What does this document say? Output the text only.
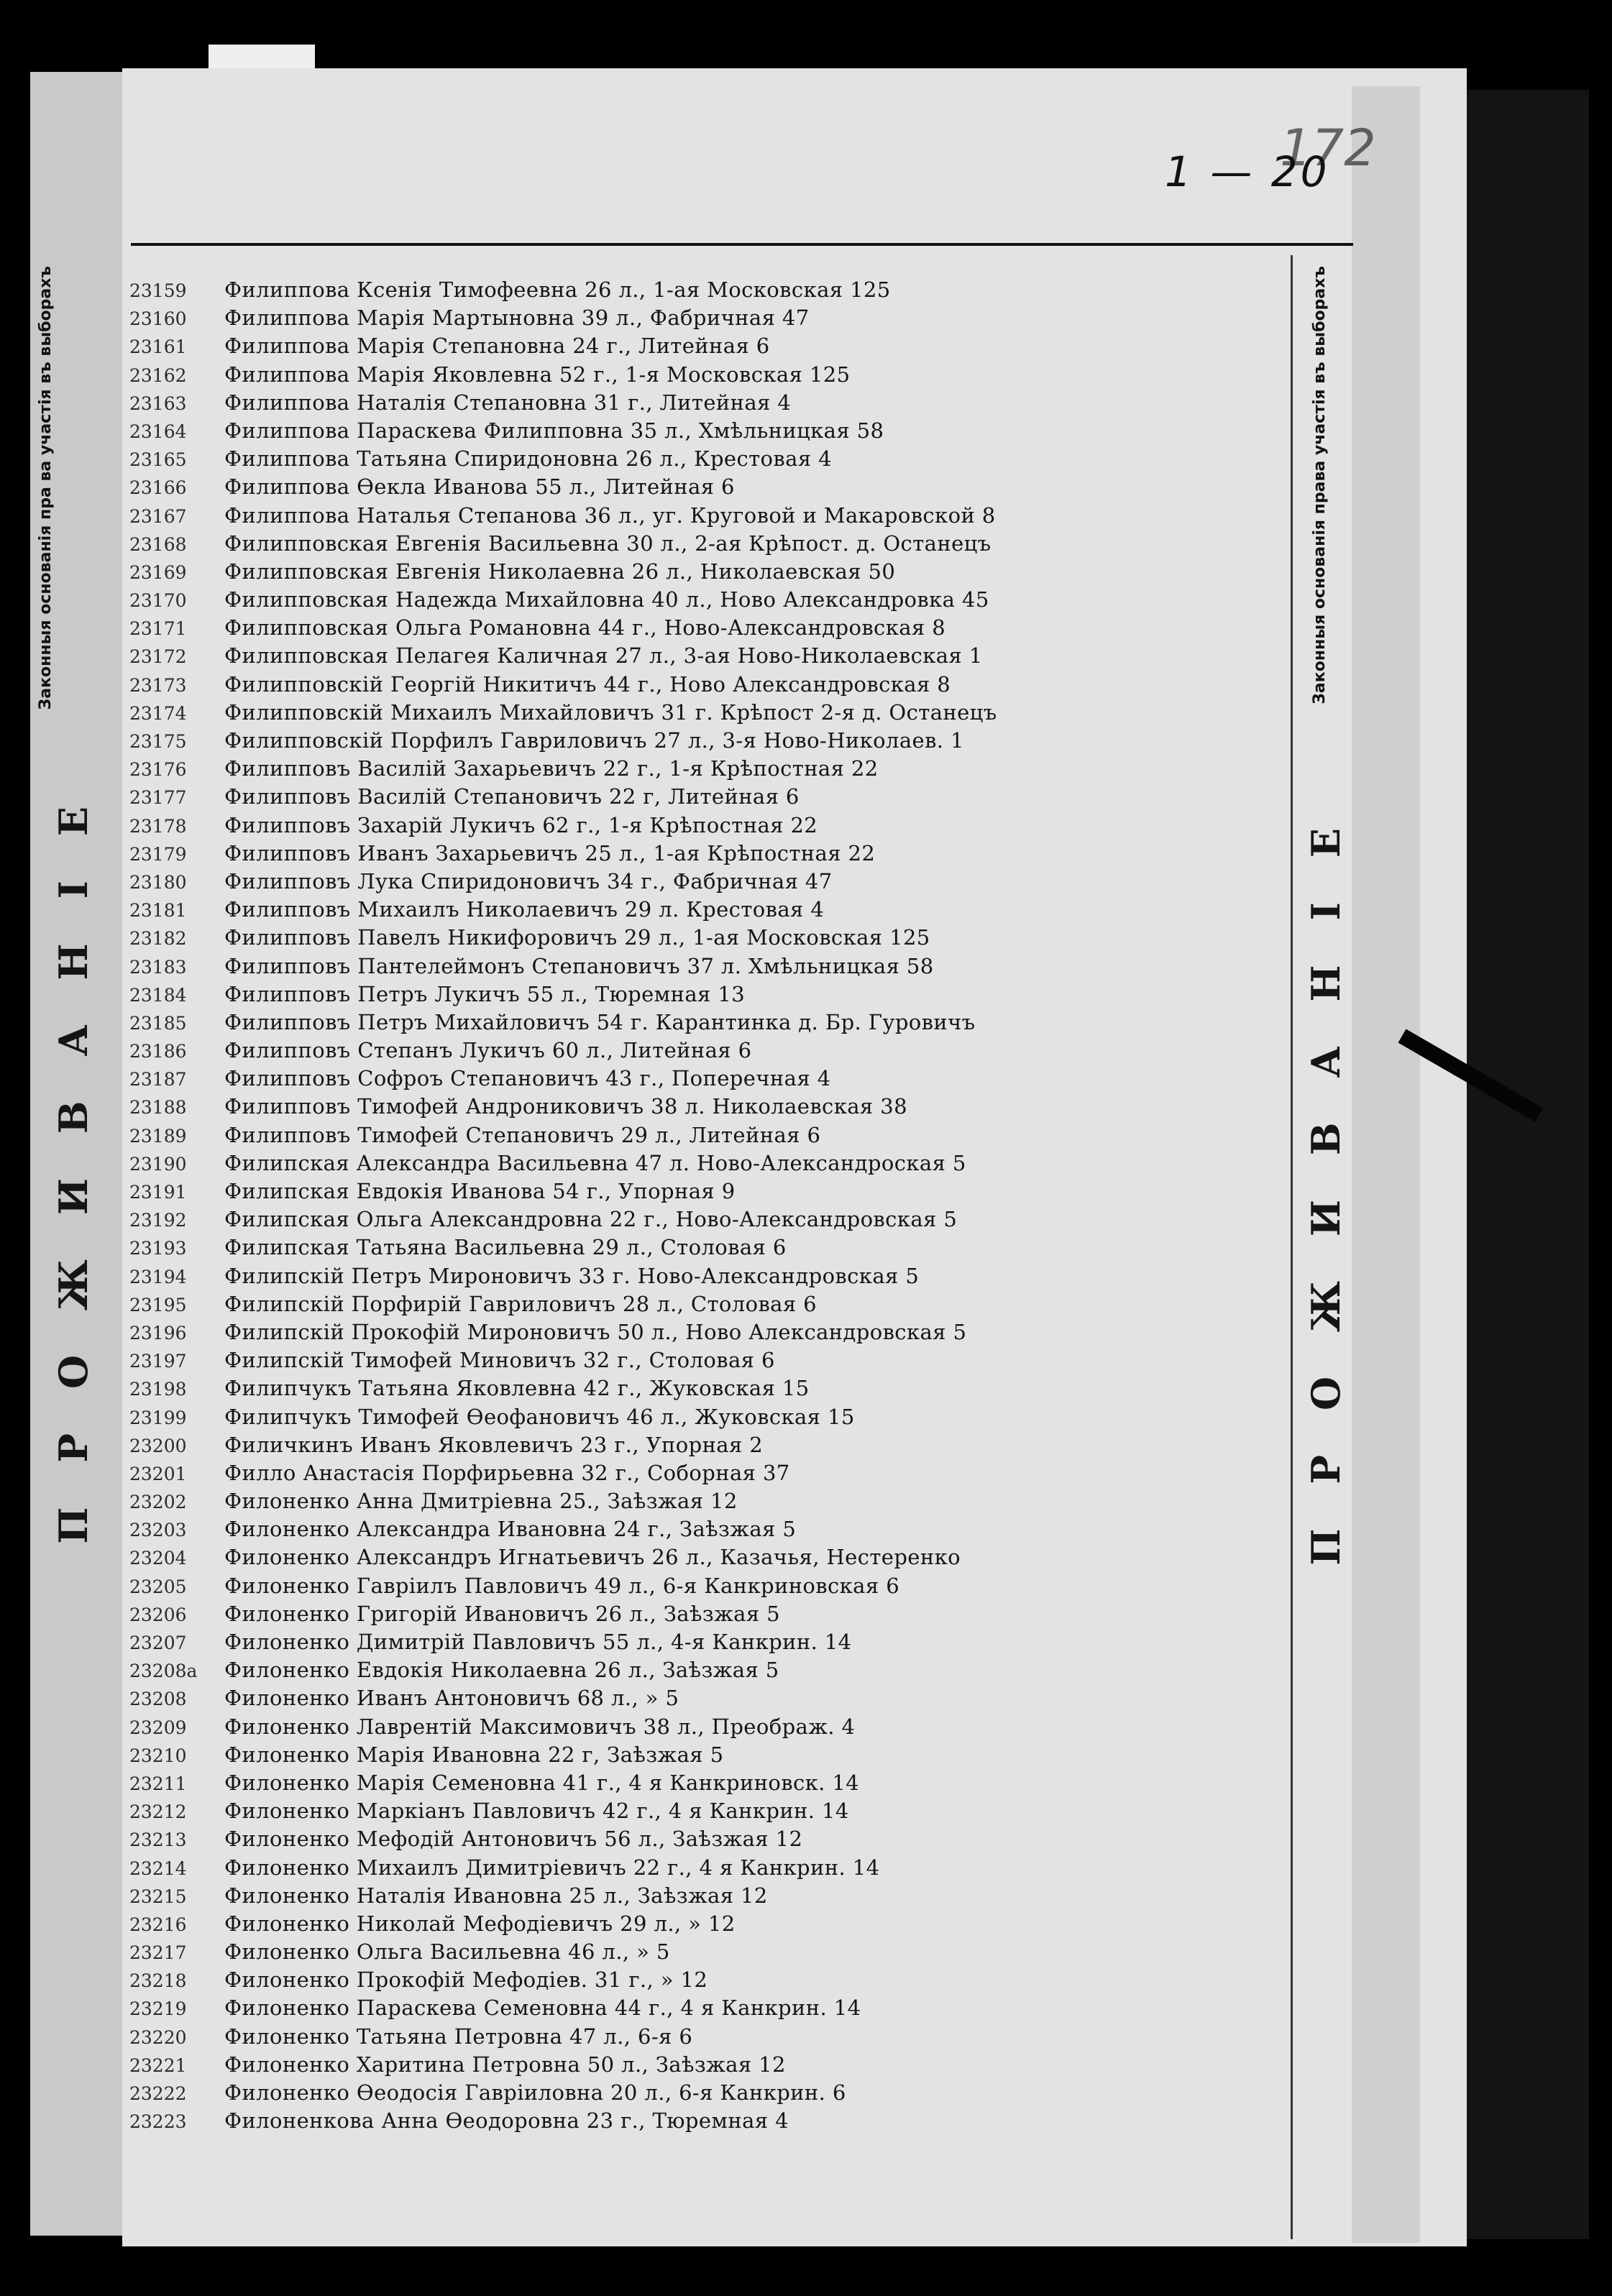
1 — 20
172
Законныя основанія пра ва участія въ выборахъ	Законныя основанія права участія въ выборахъ
ПРОЖИВАНІЕ	ПРОЖИВАНІЕ
23159 Филиппова Ксенія Тимофеевна 26 л., 1-ая Московская 125
23160 Филиппова Марія Мартыновна 39 л., Фабричная 47
23161 Филиппова Марія Степановна 24 г., Литейная 6
23162 Филиппова Марія Яковлевна 52 г., 1-я Московская 125
23163 Филиппова Наталія Степановна 31 г., Литейная 4
23164 Филиппова Параскева Филипповна 35 л., Хмѣльницкая 58
23165 Филиппова Татьяна Спиридоновна 26 л., Крестовая 4
23166 Филиппова Ѳекла Иванова 55 л., Литейная 6
23167 Филиппова Наталья Степанова 36 л., уг. Круговой и Макаровской 8
23168 Филипповская Евгенія Васильевна 30 л., 2-ая Крѣпост. д. Останецъ
23169 Филипповская Евгенія Николаевна 26 л., Николаевская 50
23170 Филипповская Надежда Михайловна 40 л., Ново Александровка 45
23171 Филипповская Ольга Романовна 44 г., Ново-Александровская 8
23172 Филипповская Пелагея Каличная 27 л., 3-ая Ново-Николаевская 1
23173 Филипповскій Георгій Никитичъ 44 г., Ново Александровская 8
23174 Филипповскій Михаилъ Михайловичъ 31 г. Крѣпост 2-я д. Останецъ
23175 Филипповскій Порфилъ Гавриловичъ 27 л., 3-я Ново-Николаев. 1
23176 Филипповъ Василій Захарьевичъ 22 г., 1-я Крѣпостная 22
23177 Филипповъ Василій Степановичъ 22 г, Литейная 6
23178 Филипповъ Захарій Лукичъ 62 г., 1-я Крѣпостная 22
23179 Филипповъ Иванъ Захарьевичъ 25 л., 1-ая Крѣпостная 22
23180 Филипповъ Лука Спиридоновичъ 34 г., Фабричная 47
23181 Филипповъ Михаилъ Николаевичъ 29 л. Крестовая 4
23182 Филипповъ Павелъ Никифоровичъ 29 л., 1-ая Московская 125
23183 Филипповъ Пантелеймонъ Степановичъ 37 л. Хмѣльницкая 58
23184 Филипповъ Петръ Лукичъ 55 л., Тюремная 13
23185 Филипповъ Петръ Михайловичъ 54 г. Карантинка д. Бр. Гуровичъ
23186 Филипповъ Степанъ Лукичъ 60 л., Литейная 6
23187 Филипповъ Софроъ Степановичъ 43 г., Поперечная 4
23188 Филипповъ Тимофей Андрониковичъ 38 л. Николаевская 38
23189 Филипповъ Тимофей Степановичъ 29 л., Литейная 6
23190 Филипская Александра Васильевна 47 л. Ново-Александроская 5
23191 Филипская Евдокія Иванова 54 г., Упорная 9
23192 Филипская Ольга Александровна 22 г., Ново-Александровская 5
23193 Филипская Татьяна Васильевна 29 л., Столовая 6
23194 Филипскій Петръ Мироновичъ 33 г. Ново-Александровская 5
23195 Филипскій Порфирій Гавриловичъ 28 л., Столовая 6
23196 Филипскій Прокофій Мироновичъ 50 л., Ново Александровская 5
23197 Филипскій Тимофей Миновичъ 32 г., Столовая 6
23198 Филипчукъ Татьяна Яковлевна 42 г., Жуковская 15
23199 Филипчукъ Тимофей Ѳеофановичъ 46 л., Жуковская 15
23200 Филичкинъ Иванъ Яковлевичъ 23 г., Упорная 2
23201 Филло Анастасія Порфирьевна 32 г., Соборная 37
23202 Филоненко Анна Дмитріевна 25., Заѣзжая 12
23203 Филоненко Александра Ивановна 24 г., Заѣзжая 5
23204 Филоненко Александръ Игнатьевичъ 26 л., Казачья, Нестеренко
23205 Филоненко Гавріилъ Павловичъ 49 л., 6-я Канкриновская 6
23206 Филоненко Григорій Ивановичъ 26 л., Заѣзжая 5
23207 Филоненко Димитрій Павловичъ 55 л., 4-я Канкрин. 14
23208а Филоненко Евдокія Николаевна 26 л., Заѣзжая 5
23208 Филоненко Иванъ Антоновичъ 68 л., » 5
23209 Филоненко Лаврентій Максимовичъ 38 л., Преображ. 4
23210 Филоненко Марія Ивановна 22 г, Заѣзжая 5
23211 Филоненко Марія Семеновна 41 г., 4 я Канкриновск. 14
23212 Филоненко Маркіанъ Павловичъ 42 г., 4 я Канкрин. 14
23213 Филоненко Мефодій Антоновичъ 56 л., Заѣзжая 12
23214 Филоненко Михаилъ Димитріевичъ 22 г., 4 я Канкрин. 14
23215 Филоненко Наталія Ивановна 25 л., Заѣзжая 12
23216 Филоненко Николай Мефодіевичъ 29 л., » 12
23217 Филоненко Ольга Васильевна 46 л., » 5
23218 Филоненко Прокофій Мефодіев. 31 г., » 12
23219 Филоненко Параскева Семеновна 44 г., 4 я Канкрин. 14
23220 Филоненко Татьяна Петровна 47 л., 6-я 6
23221 Филоненко Харитина Петровна 50 л., Заѣзжая 12
23222 Филоненко Ѳеодосія Гавріиловна 20 л., 6-я Канкрин. 6
23223 Филоненкова Анна Ѳеодоровна 23 г., Тюремная 4
